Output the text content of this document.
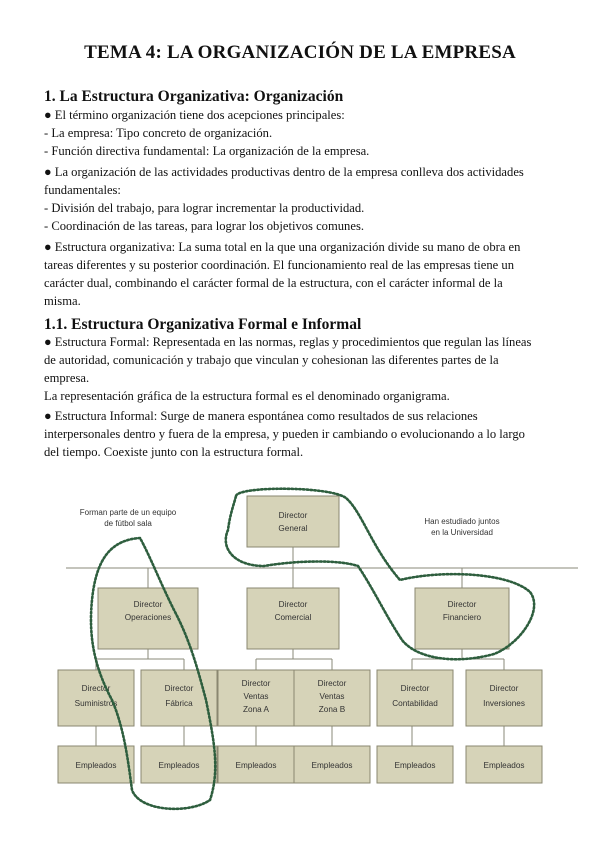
TEMA 4: LA ORGANIZACIÓN DE LA EMPRESA
1. La Estructura Organizativa: Organización
● El término organización tiene dos acepciones principales:
- La empresa: Tipo concreto de organización.
- Función directiva fundamental: La organización de la empresa.
● La organización de las actividades productivas dentro de la empresa conlleva dos actividades
fundamentales:
- División del trabajo, para lograr incrementar la productividad.
- Coordinación de las tareas, para lograr los objetivos comunes.
● Estructura organizativa: La suma total en la que una organización divide su mano de obra en
tareas diferentes y su posterior coordinación. El funcionamiento real de las empresas tiene un
carácter dual, combinando el carácter formal de la estructura, con el carácter informal de la
misma.
1.1. Estructura Organizativa Formal e Informal
● Estructura Formal: Representada en las normas, reglas y procedimientos que regulan las líneas
de autoridad, comunicación y trabajo que vinculan y cohesionan las diferentes partes de la
empresa.
La representación gráfica de la estructura formal es el denominado organigrama.
● Estructura Informal: Surge de manera espontánea como resultados de sus relaciones
interpersonales dentro y fuera de la empresa, y pueden ir cambiando o evolucionando a lo largo
del tiempo. Coexiste junto con la estructura formal.
Forman parte de un equipo
de fútbol sala	Han estudiado juntos
en la Universidad
Director
General
Director
Operaciones
Director
Comercial
Director
Financiero
Director
Suministros
Director
Fábrica
Director
Ventas
Zona A
Director
Ventas
Zona B
Director
Contabilidad
Director
Inversiones
Empleados	Empleados	Empleados	Empleados	Empleados	Empleados
